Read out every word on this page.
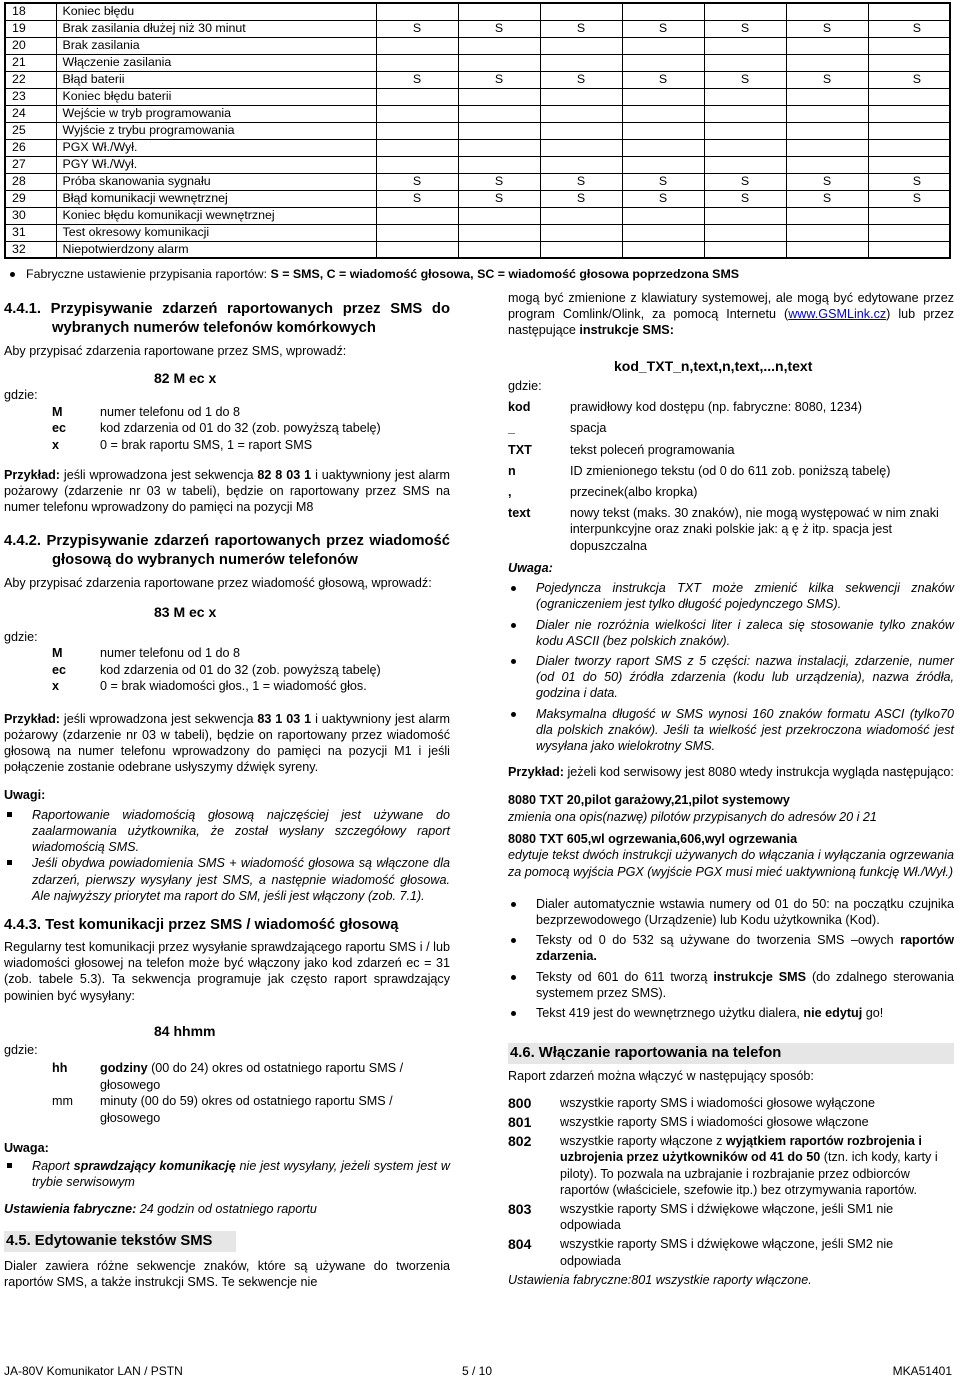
18	Koniec błędu							
19	Brak zasilania dłużej niż 30 minut	S	S	S	S	S	S	S
20	Brak zasilania							
21	Włączenie zasilania							
22	Błąd baterii	S	S	S	S	S	S	S
23	Koniec błędu baterii							
24	Wejście w tryb programowania							
25	Wyjście z trybu programowania							
26	PGX Wł./Wył.							
27	PGY Wł./Wył.							
28	Próba skanowania sygnału	S	S	S	S	S	S	S
29	Błąd komunikacji wewnętrznej	S	S	S	S	S	S	S
30	Koniec błędu komunikacji wewnętrznej							
31	Test okresowy komunikacji							
32	Niepotwierdzony alarm							
Fabryczne ustawienie przypisania raportów: S = SMS, C = wiadomość głosowa, SC = wiadomość głosowa poprzedzona SMS
4.4.1. Przypisywanie zdarzeń raportowanych przez SMS do wybranych numerów telefonów komórkowych
Aby przypisać zdarzenia raportowane przez SMS, wprowadź:
82 M ec x
gdzie:
M	numer telefonu od 1 do 8
ec	kod zdarzenia od 01 do 32 (zob. powyższą tabelę)
x	0 = brak raportu SMS, 1 = raport SMS
Przykład: jeśli wprowadzona jest sekwencja 82 8 03 1 i uaktywniony jest alarm pożarowy (zdarzenie nr 03 w tabeli), będzie on raportowany przez SMS na numer telefonu wprowadzony do pamięci na pozycji M8
4.4.2. Przypisywanie zdarzeń raportowanych przez wiadomość głosową do wybranych numerów telefonów
Aby przypisać zdarzenia raportowane przez wiadomość głosową, wprowadź:
83 M ec x
gdzie:
M	numer telefonu od 1 do 8
ec	kod zdarzenia od 01 do 32 (zob. powyższą tabelę)
x	0 = brak wiadomości głos., 1 = wiadomość głos.
Przykład: jeśli wprowadzona jest sekwencja 83 1 03 1 i uaktywniony jest alarm pożarowy (zdarzenie nr 03 w tabeli), będzie on raportowany przez wiadomość głosową na numer telefonu wprowadzony do pamięci na pozycji M1 i jeśli połączenie zostanie odebrane usłyszymy dźwięk syreny.
Uwagi:
Raportowanie wiadomością głosową najczęściej jest używane do zaalarmowania użytkownika, że został wysłany szczegółowy raport wiadomością SMS.
Jeśli obydwa powiadomienia SMS + wiadomość głosowa są włączone dla zdarzeń, pierwszy wysyłany jest SMS, a następnie wiadomość głosowa. Ale najwyższy priorytet ma raport do SM, jeśli jest włączony (zob. 7.1).
4.4.3. Test komunikacji przez SMS / wiadomość głosową
Regularny test komunikacji przez wysyłanie sprawdzającego raportu SMS i / lub wiadomości głosowej na telefon może być włączony jako kod zdarzeń ec = 31 (zob. tabele 5.3). Ta sekwencja programuje jak często raport sprawdzający powinien być wysyłany:
84 hhmm
gdzie:
hh	godziny (00 do 24) okres od ostatniego raportu SMS / głosowego
mm	minuty (00 do 59) okres od ostatniego raportu SMS / głosowego
Uwaga:
Raport sprawdzający komunikację nie jest wysyłany, jeżeli system jest w trybie serwisowym
Ustawienia fabryczne: 24 godzin od ostatniego raportu
4.5. Edytowanie tekstów SMS
Dialer zawiera różne sekwencje znaków, które są używane do tworzenia raportów SMS, a także instrukcji SMS. Te sekwencje nie
mogą być zmienione z klawiatury systemowej, ale mogą być edytowane przez program Comlink/Olink, za pomocą Internetu (www.GSMLink.cz) lub przez następujące instrukcje SMS:
kod_TXT_n,text,n,text,...n,text
gdzie:
kod	prawidłowy kod dostępu (np. fabryczne: 8080, 1234)
_	spacja
TXT	tekst poleceń programowania
n	ID zmienionego tekstu (od 0 do 611 zob. poniższą tabelę)
,	przecinek(albo kropka)
text	nowy tekst (maks. 30 znaków), nie mogą występować w nim znaki interpunkcyjne oraz znaki polskie jak: ą ę ż itp. spacja jest dopuszczalna
Uwaga:
Pojedyncza instrukcja TXT może zmienić kilka sekwencji znaków (ograniczeniem jest tylko długość pojedynczego SMS).
Dialer nie rozróżnia wielkości liter i zaleca się stosowanie tylko znaków kodu ASCII (bez polskich znaków).
Dialer tworzy raport SMS z 5 części: nazwa instalacji, zdarzenie, numer (od 01 do 50) źródła zdarzenia (kodu lub urządzenia), nazwa źródła, godzina i data.
Maksymalna długość w SMS wynosi 160 znaków formatu ASCI (tylko70 dla polskich znaków). Jeśli ta wielkość jest przekroczona wiadomość jest wysyłana jako wielokrotny SMS.
Przykład: jeżeli kod serwisowy jest 8080 wtedy instrukcja wygląda następująco:
8080 TXT 20,pilot garażowy,21,pilot systemowy
zmienia ona opis(nazwę) pilotów przypisanych do adresów 20 i 21
8080 TXT 605,wl ogrzewania,606,wyl ogrzewania
edytuje tekst dwóch instrukcji używanych do włączania i wyłączania ogrzewania za pomocą wyjścia PGX (wyjście PGX musi mieć uaktywnioną funkcję Wł./Wył.)
Dialer automatycznie wstawia numery od 01 do 50: na początku czujnika bezprzewodowego (Urządzenie) lub Kodu użytkownika (Kod).
Teksty od 0 do 532 są używane do tworzenia SMS –owych raportów zdarzenia.
Teksty od 601 do 611 tworzą instrukcje SMS (do zdalnego sterowania systemem przez SMS).
Tekst 419 jest do wewnętrznego użytku dialera, nie edytuj go!
4.6. Włączanie raportowania na telefon
Raport zdarzeń można włączyć w następujący sposób:
800	wszystkie raporty SMS i wiadomości głosowe wyłączone
801	wszystkie raporty SMS i wiadomości głosowe włączone
802	wszystkie raporty włączone z wyjątkiem raportów rozbrojenia i uzbrojenia przez użytkowników od 41 do 50 (tzn. ich kody, karty i piloty). To pozwala na uzbrajanie i rozbrajanie przez odbiorców raportów (właściciele, szefowie itp.) bez otrzymywania raportów.
803	wszystkie raporty SMS i dźwiękowe włączone, jeśli SM1 nie odpowiada
804	wszystkie raporty SMS i dźwiękowe włączone, jeśli SM2 nie odpowiada
Ustawienia fabryczne:801 wszystkie raporty włączone.
JA-80V Komunikator LAN / PSTN	5 / 10	MKA51401
